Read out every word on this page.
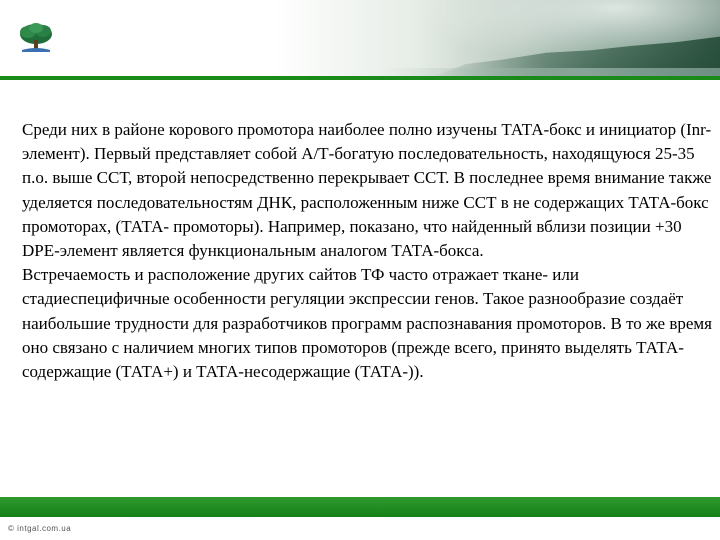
Среди них в районе корового промотора наиболее полно изучены ТАТА-бокс и инициатор (Inr-элемент). Первый представляет собой А/Т-богатую последовательность, находящуюся 25-35 п.о. выше ССТ, второй непосредственно перекрывает ССТ. В последнее время внимание также уделяется последовательностям ДНК, расположенным ниже ССТ в не содержащих ТАТА-бокс промоторах, (ТАТА- промоторы). Например, показано, что найденный вблизи позиции +30 DPE-элемент является функциональным аналогом ТАТА-бокса.

Встречаемость и расположение других сайтов ТФ часто отражает ткане- или стадиеспецифичные особенности регуляции экспрессии генов. Такое разнообразие создаёт наибольшие трудности для разработчиков программ распознавания промоторов. В то же время оно связано с наличием многих типов промоторов (прежде всего, принято выделять ТАТА-содержащие (ТАТА+) и ТАТА-несодержащие (ТАТА-)).

© intgal.com.ua
